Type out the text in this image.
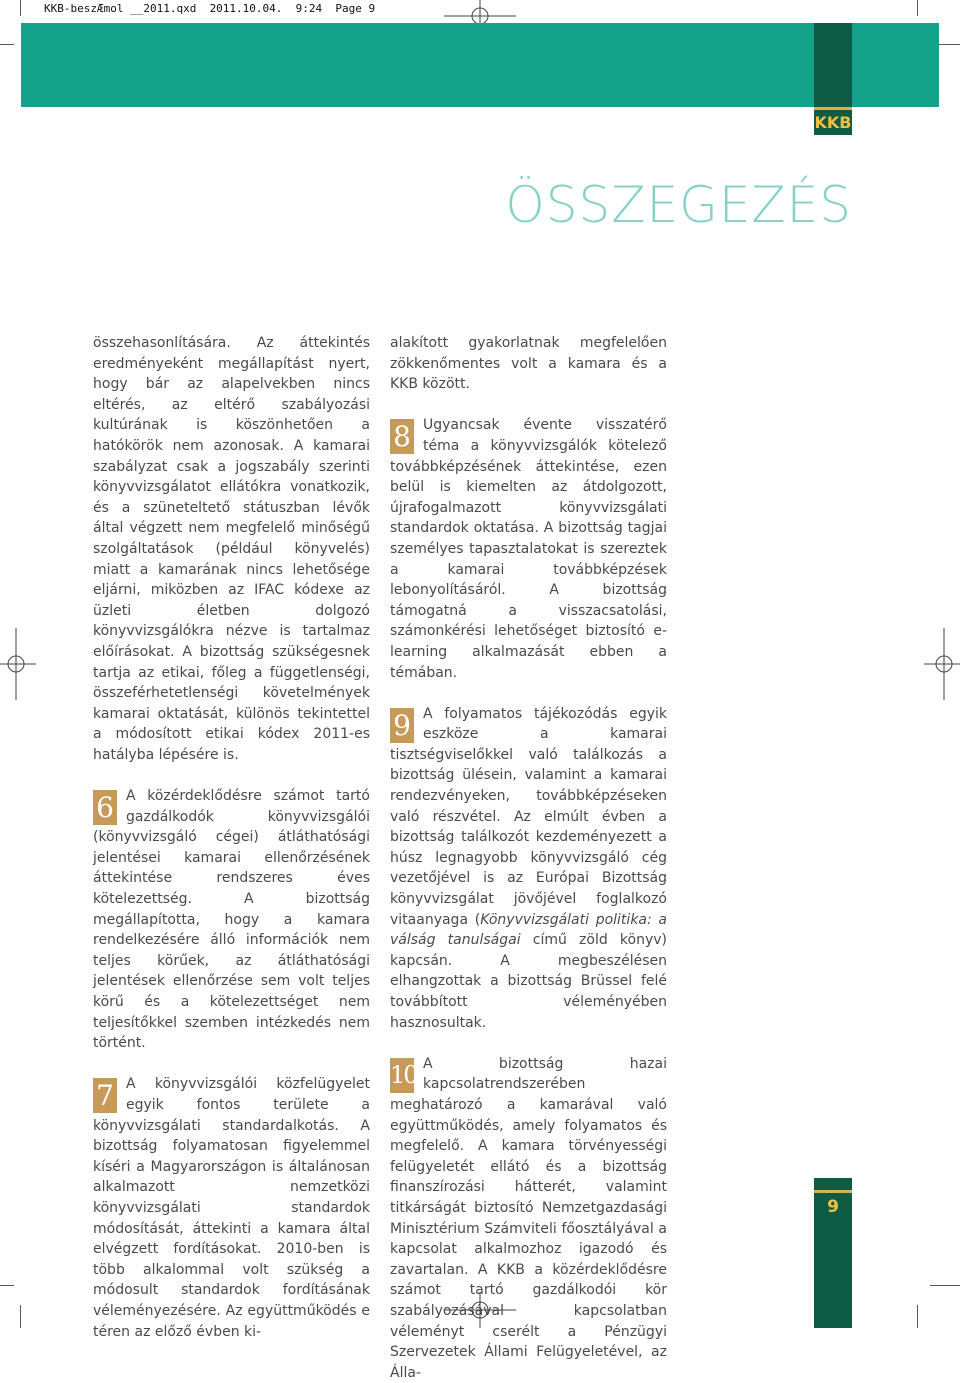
KKB-beszÆmol __2011.qxd  2011.10.04.  9:24  Page 9
KKB
ÖSSZEGEZÉS

összehasonlítására. Az áttekintés eredményeként megállapítást nyert, hogy bár az alapelvekben nincs eltérés, az eltérő szabályozási kultúrának is köszönhetően a hatókörök nem azonosak. A kamarai szabályzat csak a jogszabály szerinti könyvvizsgálatot ellátókra vonatkozik, és a szüneteltető státuszban lévők által végzett nem megfelelő minőségű szolgáltatások (például könyvelés) miatt a kamarának nincs lehetősége eljárni, miközben az IFAC kódexe az üzleti életben dolgozó könyvvizsgálókra nézve is tartalmaz előírásokat. A bizottság szükségesnek tartja az etikai, főleg a függetlenségi, összeférhetetlenségi követelmények kamarai oktatását, különös tekintettel a módosított etikai kódex 2011-es hatályba lépésére is.

6 A közérdeklődésre számot tartó gazdálkodók könyvvizsgálói (könyvvizsgáló cégei) átláthatósági jelentései kamarai ellenőrzésének áttekintése rendszeres éves kötelezettség. A bizottság megállapította, hogy a kamara rendelkezésére álló információk nem teljes körűek, az átláthatósági jelentések ellenőrzése sem volt teljes körű és a kötelezettséget nem teljesítőkkel szemben intézkedés nem történt.

7 A könyvvizsgálói közfelügyelet egyik fontos területe a könyvvizsgálati standardalkotás. A bizottság folyamatosan figyelemmel kíséri a Magyarországon is általánosan alkalmazott nemzetközi könyvvizsgálati standardok módosítását, áttekinti a kamara által elvégzett fordításokat. 2010-ben is több alkalommal volt szükség a módosult standardok fordításának véleményezésére. Az együttműködés e téren az előző évben ki-

alakított gyakorlatnak megfelelően zökkenőmentes volt a kamara és a KKB között.

8 Ugyancsak évente visszatérő téma a könyvvizsgálók kötelező továbbképzésének áttekintése, ezen belül is kiemelten az átdolgozott, újrafogalmazott könyvvizsgálati standardok oktatása. A bizottság tagjai személyes tapasztalatokat is szereztek a kamarai továbbképzések lebonyolításáról. A bizottság támogatná a visszacsatolási, számonkérési lehetőséget biztosító e-learning alkalmazását ebben a témában.

9 A folyamatos tájékozódás egyik eszköze a kamarai tisztségviselőkkel való találkozás a bizottság ülésein, valamint a kamarai rendezvényeken, továbbképzéseken való részvétel. Az elmúlt évben a bizottság találkozót kezdeményezett a húsz legnagyobb könyvvizsgáló cég vezetőjével is az Európai Bizottság könyvvizsgálat jövőjével foglalkozó vitaanyaga (Könyvvizsgálati politika: a válság tanulságai című zöld könyv) kapcsán. A megbeszélésen elhangzottak a bizottság Brüssel felé továbbított véleményében hasznosultak.

10 A bizottság hazai kapcsolatrendszerében meghatározó a kamarával való együttműködés, amely folyamatos és megfelelő. A kamara törvényességi felügyeletét ellátó és a bizottság finanszírozási hátterét, valamint titkárságát biztosító Nemzetgazdasági Minisztérium Számviteli főosztályával a kapcsolat alkalmozhoz igazodó és zavartalan. A KKB a közérdeklődésre számot tartó gazdálkodói kör szabályozásával kapcsolatban véleményt cserélt a Pénzügyi Szervezetek Állami Felügyeletével, az Álla-

9
